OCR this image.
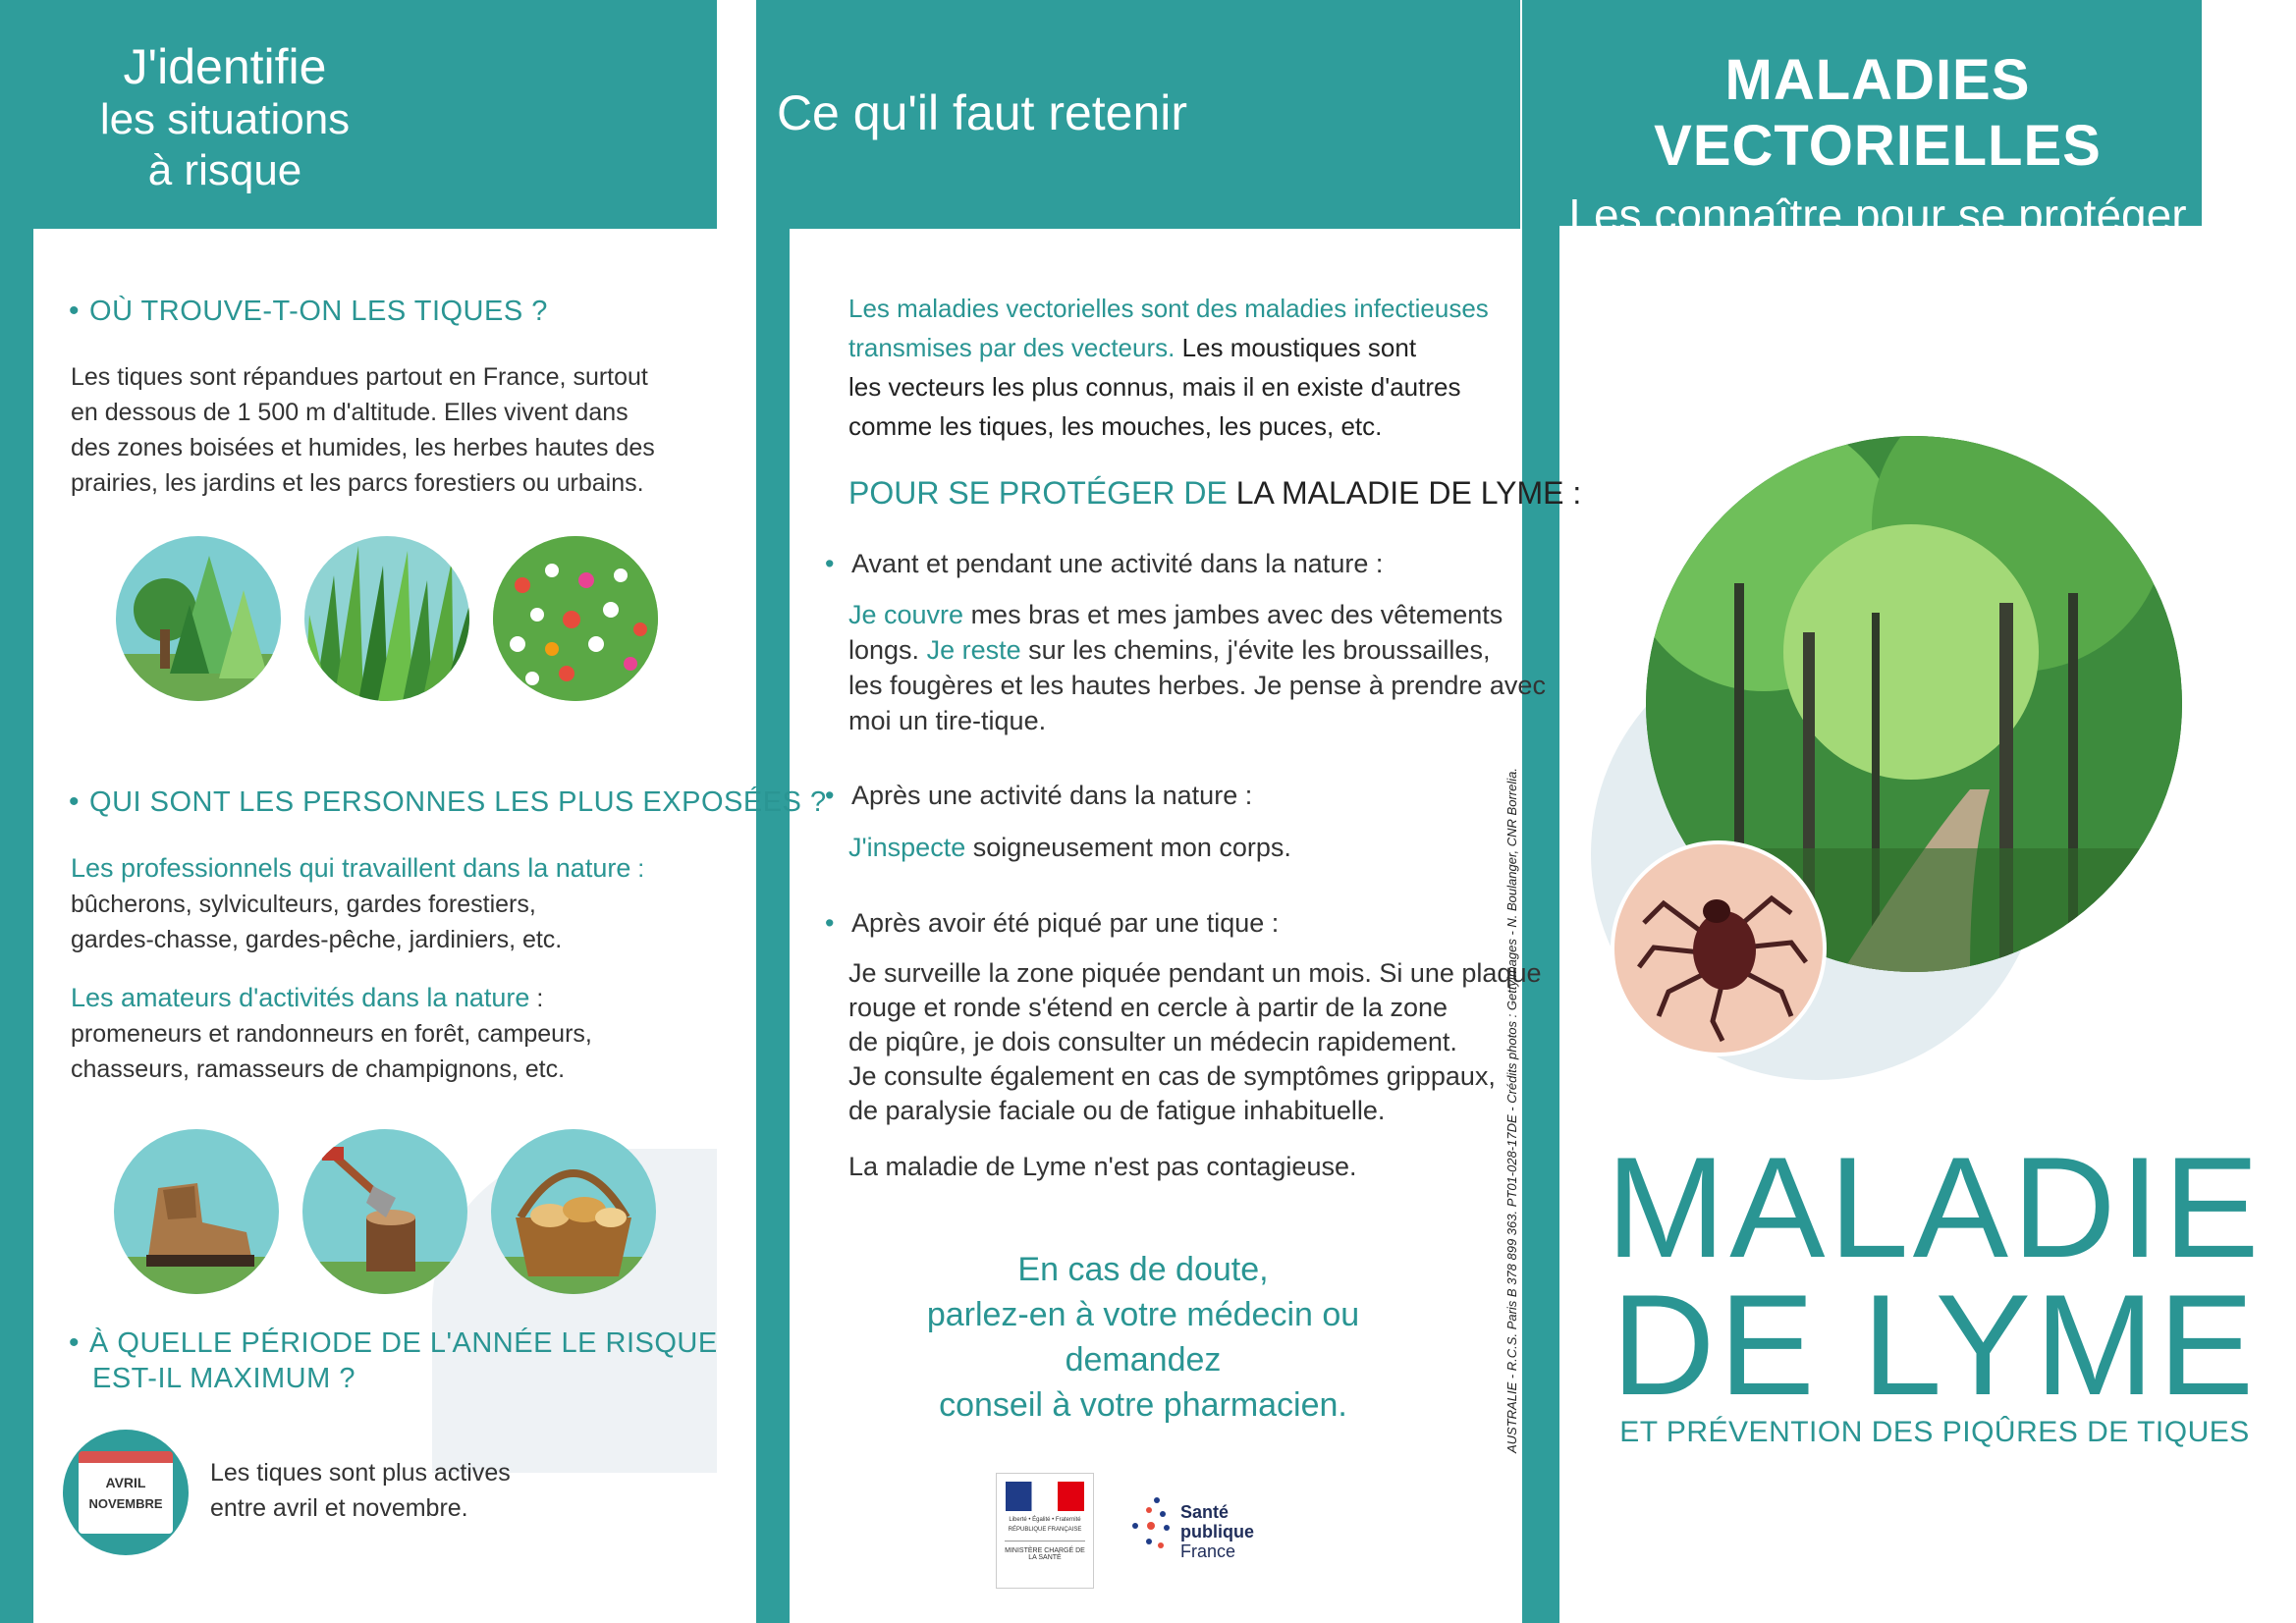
J'identifie
les situations
à risque
• OÙ TROUVE-T-ON LES TIQUES ?
Les tiques sont répandues partout en France, surtout
en dessous de 1 500 m d'altitude. Elles vivent dans
des zones boisées et humides, les herbes hautes des
prairies, les jardins et les parcs forestiers ou urbains.
• QUI SONT LES PERSONNES LES PLUS EXPOSÉES ?
Les professionnels qui travaillent dans la nature :
bûcherons, sylviculteurs, gardes forestiers,
gardes-chasse, gardes-pêche, jardiniers, etc.
Les amateurs d'activités dans la nature :
promeneurs et randonneurs en forêt, campeurs,
chasseurs, ramasseurs de champignons, etc.
• À QUELLE PÉRIODE DE L'ANNÉE LE RISQUE
EST-IL MAXIMUM ?
AVRIL
NOVEMBRE
Les tiques sont plus actives
entre avril et novembre.
Ce qu'il faut retenir
Les maladies vectorielles sont des maladies infectieuses
transmises par des vecteurs. Les moustiques sont
les vecteurs les plus connus, mais il en existe d'autres
comme les tiques, les mouches, les puces, etc.
POUR SE PROTÉGER DE LA MALADIE DE LYME :
• Avant et pendant une activité dans la nature :
Je couvre mes bras et mes jambes avec des vêtements
longs. Je reste sur les chemins, j'évite les broussailles,
les fougères et les hautes herbes. Je pense à prendre avec
moi un tire-tique.
• Après une activité dans la nature :
J'inspecte soigneusement mon corps.
• Après avoir été piqué par une tique :
Je surveille la zone piquée pendant un mois. Si une plaque
rouge et ronde s'étend en cercle à partir de la zone
de piqûre, je dois consulter un médecin rapidement.
Je consulte également en cas de symptômes grippaux,
de paralysie faciale ou de fatigue inhabituelle.
La maladie de Lyme n'est pas contagieuse.
En cas de doute,
parlez-en à votre médecin ou demandez
conseil à votre pharmacien.
Liberté • Égalité • Fraternité
RÉPUBLIQUE FRANÇAISE
MINISTÈRE CHARGÉ DE LA SANTÉ
Santé
publique
France
AUSTRALIE - R.C.S. Paris B 378 899 363. PT01-028-17DE - Crédits photos : Gettyimages - N. Boulanger, CNR Borrelia.
MALADIES VECTORIELLES
Les connaître pour se protéger
MALADIE
DE LYME
ET PRÉVENTION DES PIQÛRES DE TIQUES
